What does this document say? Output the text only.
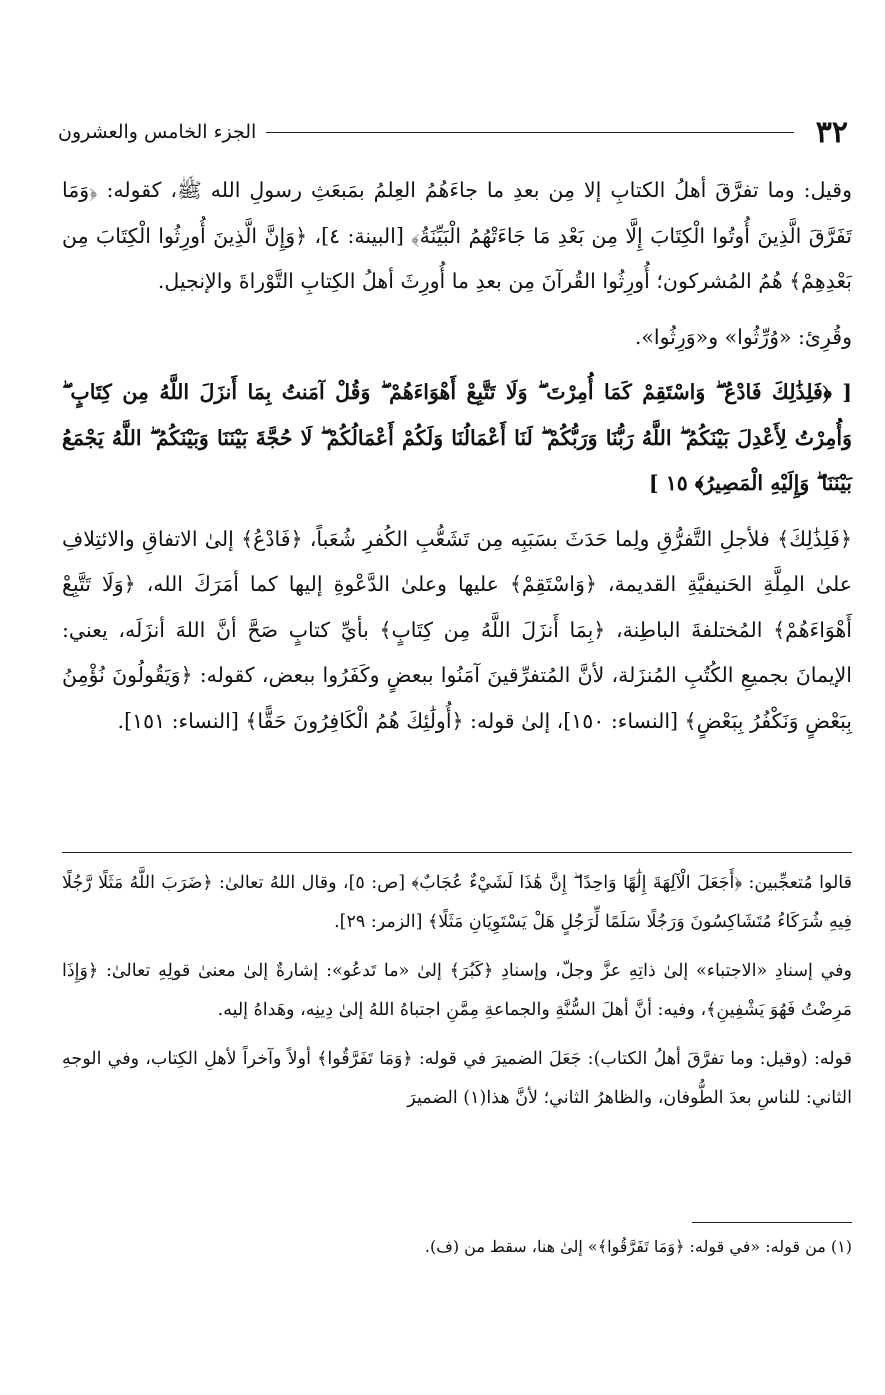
٣٢
الجزء الخامس والعشرون

وقيل: وما تفرَّقَ أهلُ الكتابِ إلا مِن بعدِ ما جاءَهُمُ العِلمُ بمَبعَثِ رسولِ الله ﷺ، كقوله: ﴿وَمَا تَفَرَّقَ الَّذِينَ أُوتُوا الْكِتَابَ إِلَّا مِن بَعْدِ مَا جَاءَتْهُمُ الْبَيِّنَةُ﴾ [البينة: ٤]، ﴿وَإِنَّ الَّذِينَ أُورِثُوا الْكِتَابَ مِن بَعْدِهِمْ﴾ هُمُ المُشركون؛ أُورِثُوا القُرآنَ مِن بعدِ ما أُورِثَ أهلُ الكِتابِ التَّوْراةَ والإنجيل.

وقُرِئ: «وُرِّثُوا» و«وَرِثُوا».

[ ﴿فَلِذَٰلِكَ فَادْعُ ۖ وَاسْتَقِمْ كَمَا أُمِرْتَ ۖ وَلَا تَتَّبِعْ أَهْوَاءَهُمْ ۖ وَقُلْ آمَنتُ بِمَا أَنزَلَ اللَّهُ مِن كِتَابٍ ۖ وَأُمِرْتُ لِأَعْدِلَ بَيْنَكُمُ ۖ اللَّهُ رَبُّنَا وَرَبُّكُمْ ۖ لَنَا أَعْمَالُنَا وَلَكُمْ أَعْمَالُكُمْ ۖ لَا حُجَّةَ بَيْنَنَا وَبَيْنَكُمُ ۖ اللَّهُ يَجْمَعُ بَيْنَنَا ۖ وَإِلَيْهِ الْمَصِيرُ﴾ ١٥ ]

﴿فَلِذَٰلِكَ﴾ فلأجلِ التَّفرُّقِ ولِما حَدَثَ بسَبَبِه مِن تَشَعُّبِ الكُفرِ شُعَباً، ﴿فَادْعُ﴾ إلىٰ الاتفاقِ والائتِلافِ علىٰ المِلَّةِ الحَنيفيَّةِ القديمة، ﴿وَاسْتَقِمْ﴾ عليها وعلىٰ الدَّعْوةِ إليها كما أمَرَكَ الله، ﴿وَلَا تَتَّبِعْ أَهْوَاءَهُمْ﴾ المُختلفةَ الباطِنة، ﴿بِمَا أَنزَلَ اللَّهُ مِن كِتَابٍ﴾ بأيِّ كتابٍ صَحَّ أنَّ اللهَ أنزَلَه، يعني: الإيمانَ بجميعِ الكُتُبِ المُنزَلة، لأنَّ المُتفرِّقينَ آمَنُوا ببعضٍ وكَفَرُوا ببعض، كقوله: ﴿وَيَقُولُونَ نُؤْمِنُ بِبَعْضٍ وَنَكْفُرُ بِبَعْضٍ﴾ [النساء: ١٥٠]، إلىٰ قوله: ﴿أُولَٰئِكَ هُمُ الْكَافِرُونَ حَقًّا﴾ [النساء: ١٥١].

قالوا مُتعجِّبين: ﴿أَجَعَلَ الْآلِهَةَ إِلَٰهًا وَاحِدًا ۖ إِنَّ هَٰذَا لَشَيْءٌ عُجَابٌ﴾ [ص: ٥]، وقال اللهُ تعالىٰ: ﴿ضَرَبَ اللَّهُ مَثَلًا رَّجُلًا فِيهِ شُرَكَاءُ مُتَشَاكِسُونَ وَرَجُلًا سَلَمًا لِّرَجُلٍ هَلْ يَسْتَوِيَانِ مَثَلًا﴾ [الزمر: ٢٩].

وفي إسنادِ «الاجتباء» إلىٰ ذاتِهِ عزَّ وجلّ، وإسنادِ ﴿كَبُرَ﴾ إلىٰ «ما تَدعُو»: إشارةٌ إلىٰ معنىٰ قولِهِ تعالىٰ: ﴿وَإِذَا مَرِضْتُ فَهُوَ يَشْفِينِ﴾، وفيه: أنَّ أهلَ السُّنَّةِ والجماعةِ مِمَّنِ اجتباهُ اللهُ إلىٰ دِينِه، وهَداهُ إليه.

قوله: (وقيل: وما تفرَّقَ أهلُ الكتاب): جَعَلَ الضميرَ في قوله: ﴿وَمَا تَفَرَّقُوا﴾ أولاً وآخراً لأهلِ الكِتاب، وفي الوجهِ الثاني: للناسِ بعدَ الطُّوفان، والظاهرُ الثاني؛ لأنَّ هذا(١) الضميرَ

(١) من قوله: «في قوله: ﴿وَمَا تَفَرَّقُوا﴾» إلىٰ هنا، سقط من (ف).
